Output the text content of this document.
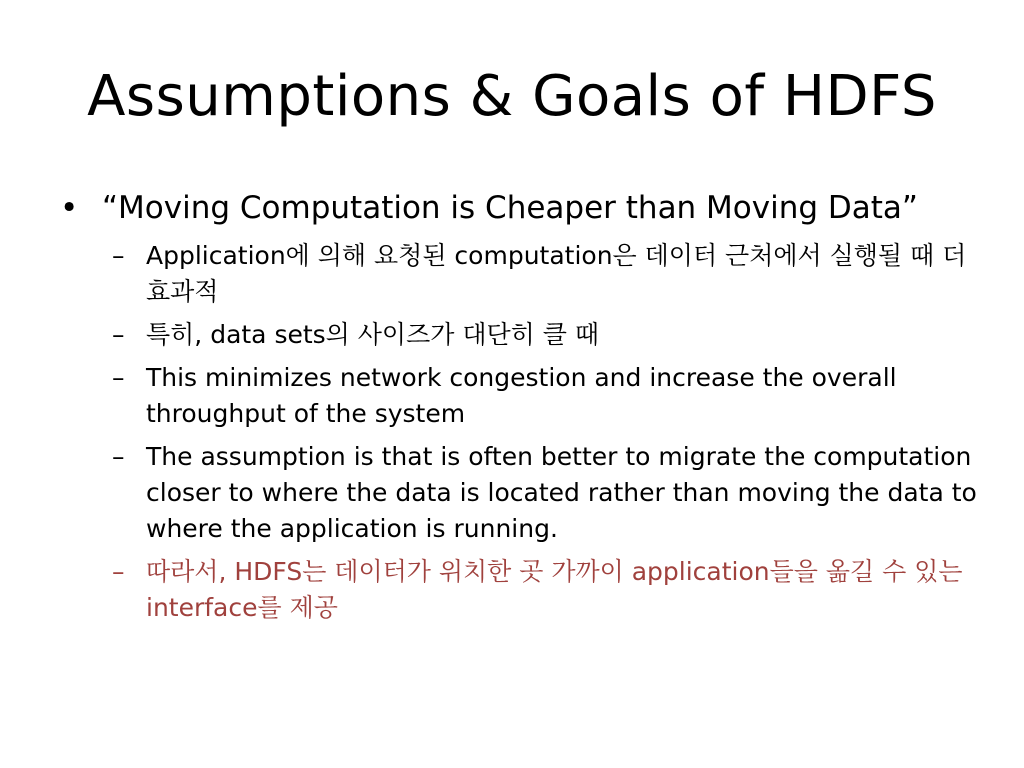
Assumptions & Goals of HDFS
• “Moving Computation is Cheaper than Moving Data”
– Application에 의해 요청된 computation은 데이터 근처에서 실행될 때 더 효과적
– 특히, data sets의 사이즈가 대단히 클 때
– This minimizes network congestion and increase the overall throughput of the system
– The assumption is that is often better to migrate the computation closer to where the data is located rather than moving the data to where the application is running.
– 따라서, HDFS는 데이터가 위치한 곳 가까이 application들을 옮길 수 있는 interface를 제공
